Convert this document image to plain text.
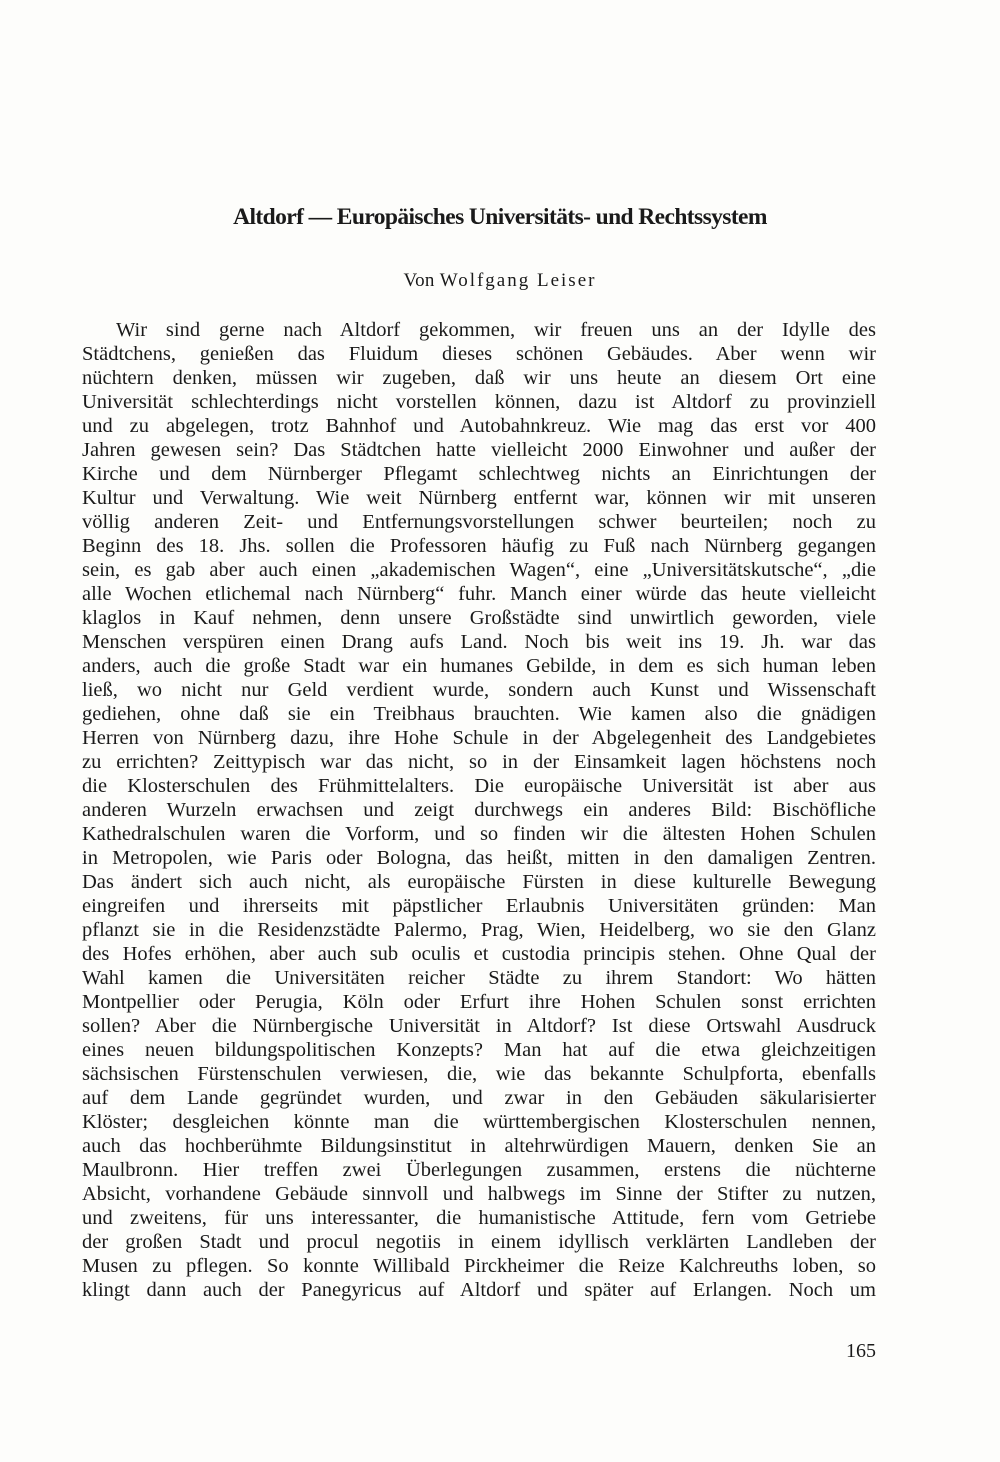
Altdorf — Europäisches Universitäts- und Rechtssystem

Von Wolfgang Leiser

Wir sind gerne nach Altdorf gekommen, wir freuen uns an der Idylle des
Städtchens, genießen das Fluidum dieses schönen Gebäudes. Aber wenn wir
nüchtern denken, müssen wir zugeben, daß wir uns heute an diesem Ort eine
Universität schlechterdings nicht vorstellen können, dazu ist Altdorf zu provinziell
und zu abgelegen, trotz Bahnhof und Autobahnkreuz. Wie mag das erst vor 400
Jahren gewesen sein? Das Städtchen hatte vielleicht 2000 Einwohner und außer der
Kirche und dem Nürnberger Pflegamt schlechtweg nichts an Einrichtungen der
Kultur und Verwaltung. Wie weit Nürnberg entfernt war, können wir mit unseren
völlig anderen Zeit- und Entfernungsvorstellungen schwer beurteilen; noch zu
Beginn des 18. Jhs. sollen die Professoren häufig zu Fuß nach Nürnberg gegangen
sein, es gab aber auch einen „akademischen Wagen“, eine „Universitätskutsche“, „die
alle Wochen etlichemal nach Nürnberg“ fuhr. Manch einer würde das heute vielleicht
klaglos in Kauf nehmen, denn unsere Großstädte sind unwirtlich geworden, viele
Menschen verspüren einen Drang aufs Land. Noch bis weit ins 19. Jh. war das
anders, auch die große Stadt war ein humanes Gebilde, in dem es sich human leben
ließ, wo nicht nur Geld verdient wurde, sondern auch Kunst und Wissenschaft
gediehen, ohne daß sie ein Treibhaus brauchten. Wie kamen also die gnädigen
Herren von Nürnberg dazu, ihre Hohe Schule in der Abgelegenheit des Landgebietes
zu errichten? Zeittypisch war das nicht, so in der Einsamkeit lagen höchstens noch
die Klosterschulen des Frühmittelalters. Die europäische Universität ist aber aus
anderen Wurzeln erwachsen und zeigt durchwegs ein anderes Bild: Bischöfliche
Kathedralschulen waren die Vorform, und so finden wir die ältesten Hohen Schulen
in Metropolen, wie Paris oder Bologna, das heißt, mitten in den damaligen Zentren.
Das ändert sich auch nicht, als europäische Fürsten in diese kulturelle Bewegung
eingreifen und ihrerseits mit päpstlicher Erlaubnis Universitäten gründen: Man
pflanzt sie in die Residenzstädte Palermo, Prag, Wien, Heidelberg, wo sie den Glanz
des Hofes erhöhen, aber auch sub oculis et custodia principis stehen. Ohne Qual der
Wahl kamen die Universitäten reicher Städte zu ihrem Standort: Wo hätten
Montpellier oder Perugia, Köln oder Erfurt ihre Hohen Schulen sonst errichten
sollen? Aber die Nürnbergische Universität in Altdorf? Ist diese Ortswahl Ausdruck
eines neuen bildungspolitischen Konzepts? Man hat auf die etwa gleichzeitigen
sächsischen Fürstenschulen verwiesen, die, wie das bekannte Schulpforta, ebenfalls
auf dem Lande gegründet wurden, und zwar in den Gebäuden säkularisierter
Klöster; desgleichen könnte man die württembergischen Klosterschulen nennen,
auch das hochberühmte Bildungsinstitut in altehrwürdigen Mauern, denken Sie an
Maulbronn. Hier treffen zwei Überlegungen zusammen, erstens die nüchterne
Absicht, vorhandene Gebäude sinnvoll und halbwegs im Sinne der Stifter zu nutzen,
und zweitens, für uns interessanter, die humanistische Attitude, fern vom Getriebe
der großen Stadt und procul negotiis in einem idyllisch verklärten Landleben der
Musen zu pflegen. So konnte Willibald Pirckheimer die Reize Kalchreuths loben, so
klingt dann auch der Panegyricus auf Altdorf und später auf Erlangen. Noch um

165
